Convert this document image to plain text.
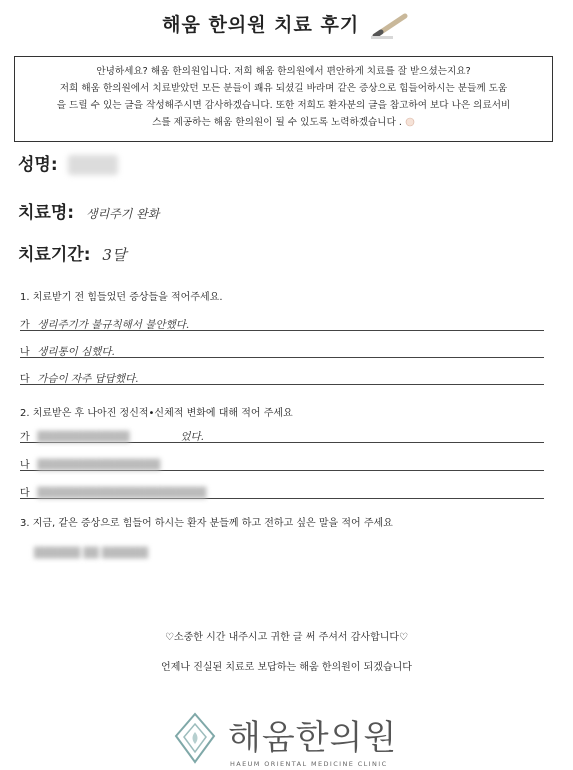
해움 한의원 치료 후기

안녕하세요? 해움 한의원입니다. 저희 해움 한의원에서 편안하게 치료를 잘 받으셨는지요?

저희 해움 한의원에서 치료받았던 모든 분들이 쾌유 되셨길 바라며 같은 증상으로 힘들어하시는 분들께 도움

을 드릴 수 있는 글을 작성해주시면 감사하겠습니다. 또한 저희도 환자분의 글을 참고하여 보다 나은 의료서비

스를 제공하는 해움 한의원이 될 수 있도록 노력하겠습니다 .

성명:
치료명: 생리주기 완화
치료기간: 3달
1. 치료받기 전 힘들었던 증상들을 적어주세요.
가 생리주기가 불규칙해서 불안했다.
나 생리통이 심했다.
다 가슴이 자주 답답했다.
2. 치료받은 후 나아진 정신적•신체적 변화에 대해 적어 주세요
가 ████████████	었다.
나 ████████████████
다 ██████████████████████
3. 지금, 같은 증상으로 힘들어 하시는 환자 분들께 하고 전하고 싶은 말을 적어 주세요
██████ ██ ██████
♡소중한 시간 내주시고 귀한 글 써 주셔서 감사합니다♡
언제나 진실된 치료로 보답하는 해움 한의원이 되겠습니다
해움한의원
HAEUM ORIENTAL MEDICINE CLINIC
